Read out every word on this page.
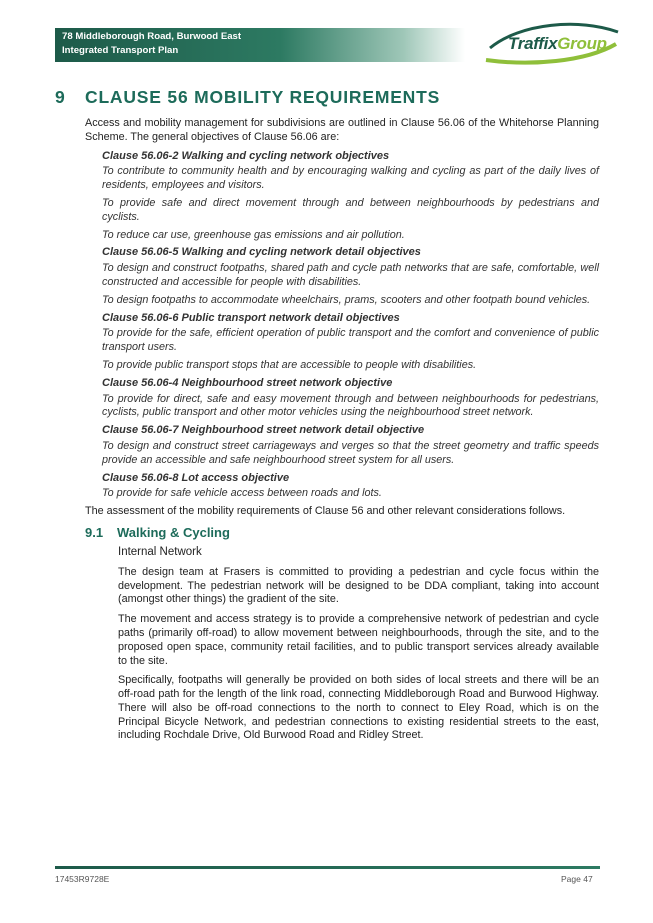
78 Middleborough Road, Burwood East
Integrated Transport Plan	TraffixGroup
9 CLAUSE 56 MOBILITY REQUIREMENTS

Access and mobility management for subdivisions are outlined in Clause 56.06 of the Whitehorse Planning Scheme. The general objectives of Clause 56.06 are:

Clause 56.06-2 Walking and cycling network objectives

To contribute to community health and by encouraging walking and cycling as part of the daily lives of residents, employees and visitors.

To provide safe and direct movement through and between neighbourhoods by pedestrians and cyclists.

To reduce car use, greenhouse gas emissions and air pollution.

Clause 56.06-5 Walking and cycling network detail objectives

To design and construct footpaths, shared path and cycle path networks that are safe, comfortable, well constructed and accessible for people with disabilities.

To design footpaths to accommodate wheelchairs, prams, scooters and other footpath bound vehicles.

Clause 56.06-6 Public transport network detail objectives

To provide for the safe, efficient operation of public transport and the comfort and convenience of public transport users.

To provide public transport stops that are accessible to people with disabilities.

Clause 56.06-4 Neighbourhood street network objective

To provide for direct, safe and easy movement through and between neighbourhoods for pedestrians, cyclists, public transport and other motor vehicles using the neighbourhood street network.

Clause 56.06-7 Neighbourhood street network detail objective

To design and construct street carriageways and verges so that the street geometry and traffic speeds provide an accessible and safe neighbourhood street system for all users.

Clause 56.06-8 Lot access objective

To provide for safe vehicle access between roads and lots.

The assessment of the mobility requirements of Clause 56 and other relevant considerations follows.

9.1 Walking & Cycling

Internal Network

The design team at Frasers is committed to providing a pedestrian and cycle focus within the development. The pedestrian network will be designed to be DDA compliant, taking into account (amongst other things) the gradient of the site.

The movement and access strategy is to provide a comprehensive network of pedestrian and cycle paths (primarily off-road) to allow movement between neighbourhoods, through the site, and to the proposed open space, community retail facilities, and to public transport services already available to the site.

Specifically, footpaths will generally be provided on both sides of local streets and there will be an off-road path for the length of the link road, connecting Middleborough Road and Burwood Highway. There will also be off-road connections to the north to connect to Eley Road, which is on the Principal Bicycle Network, and pedestrian connections to existing residential streets to the east, including Rochdale Drive, Old Burwood Road and Ridley Street.

17453R9728E	Page 47
